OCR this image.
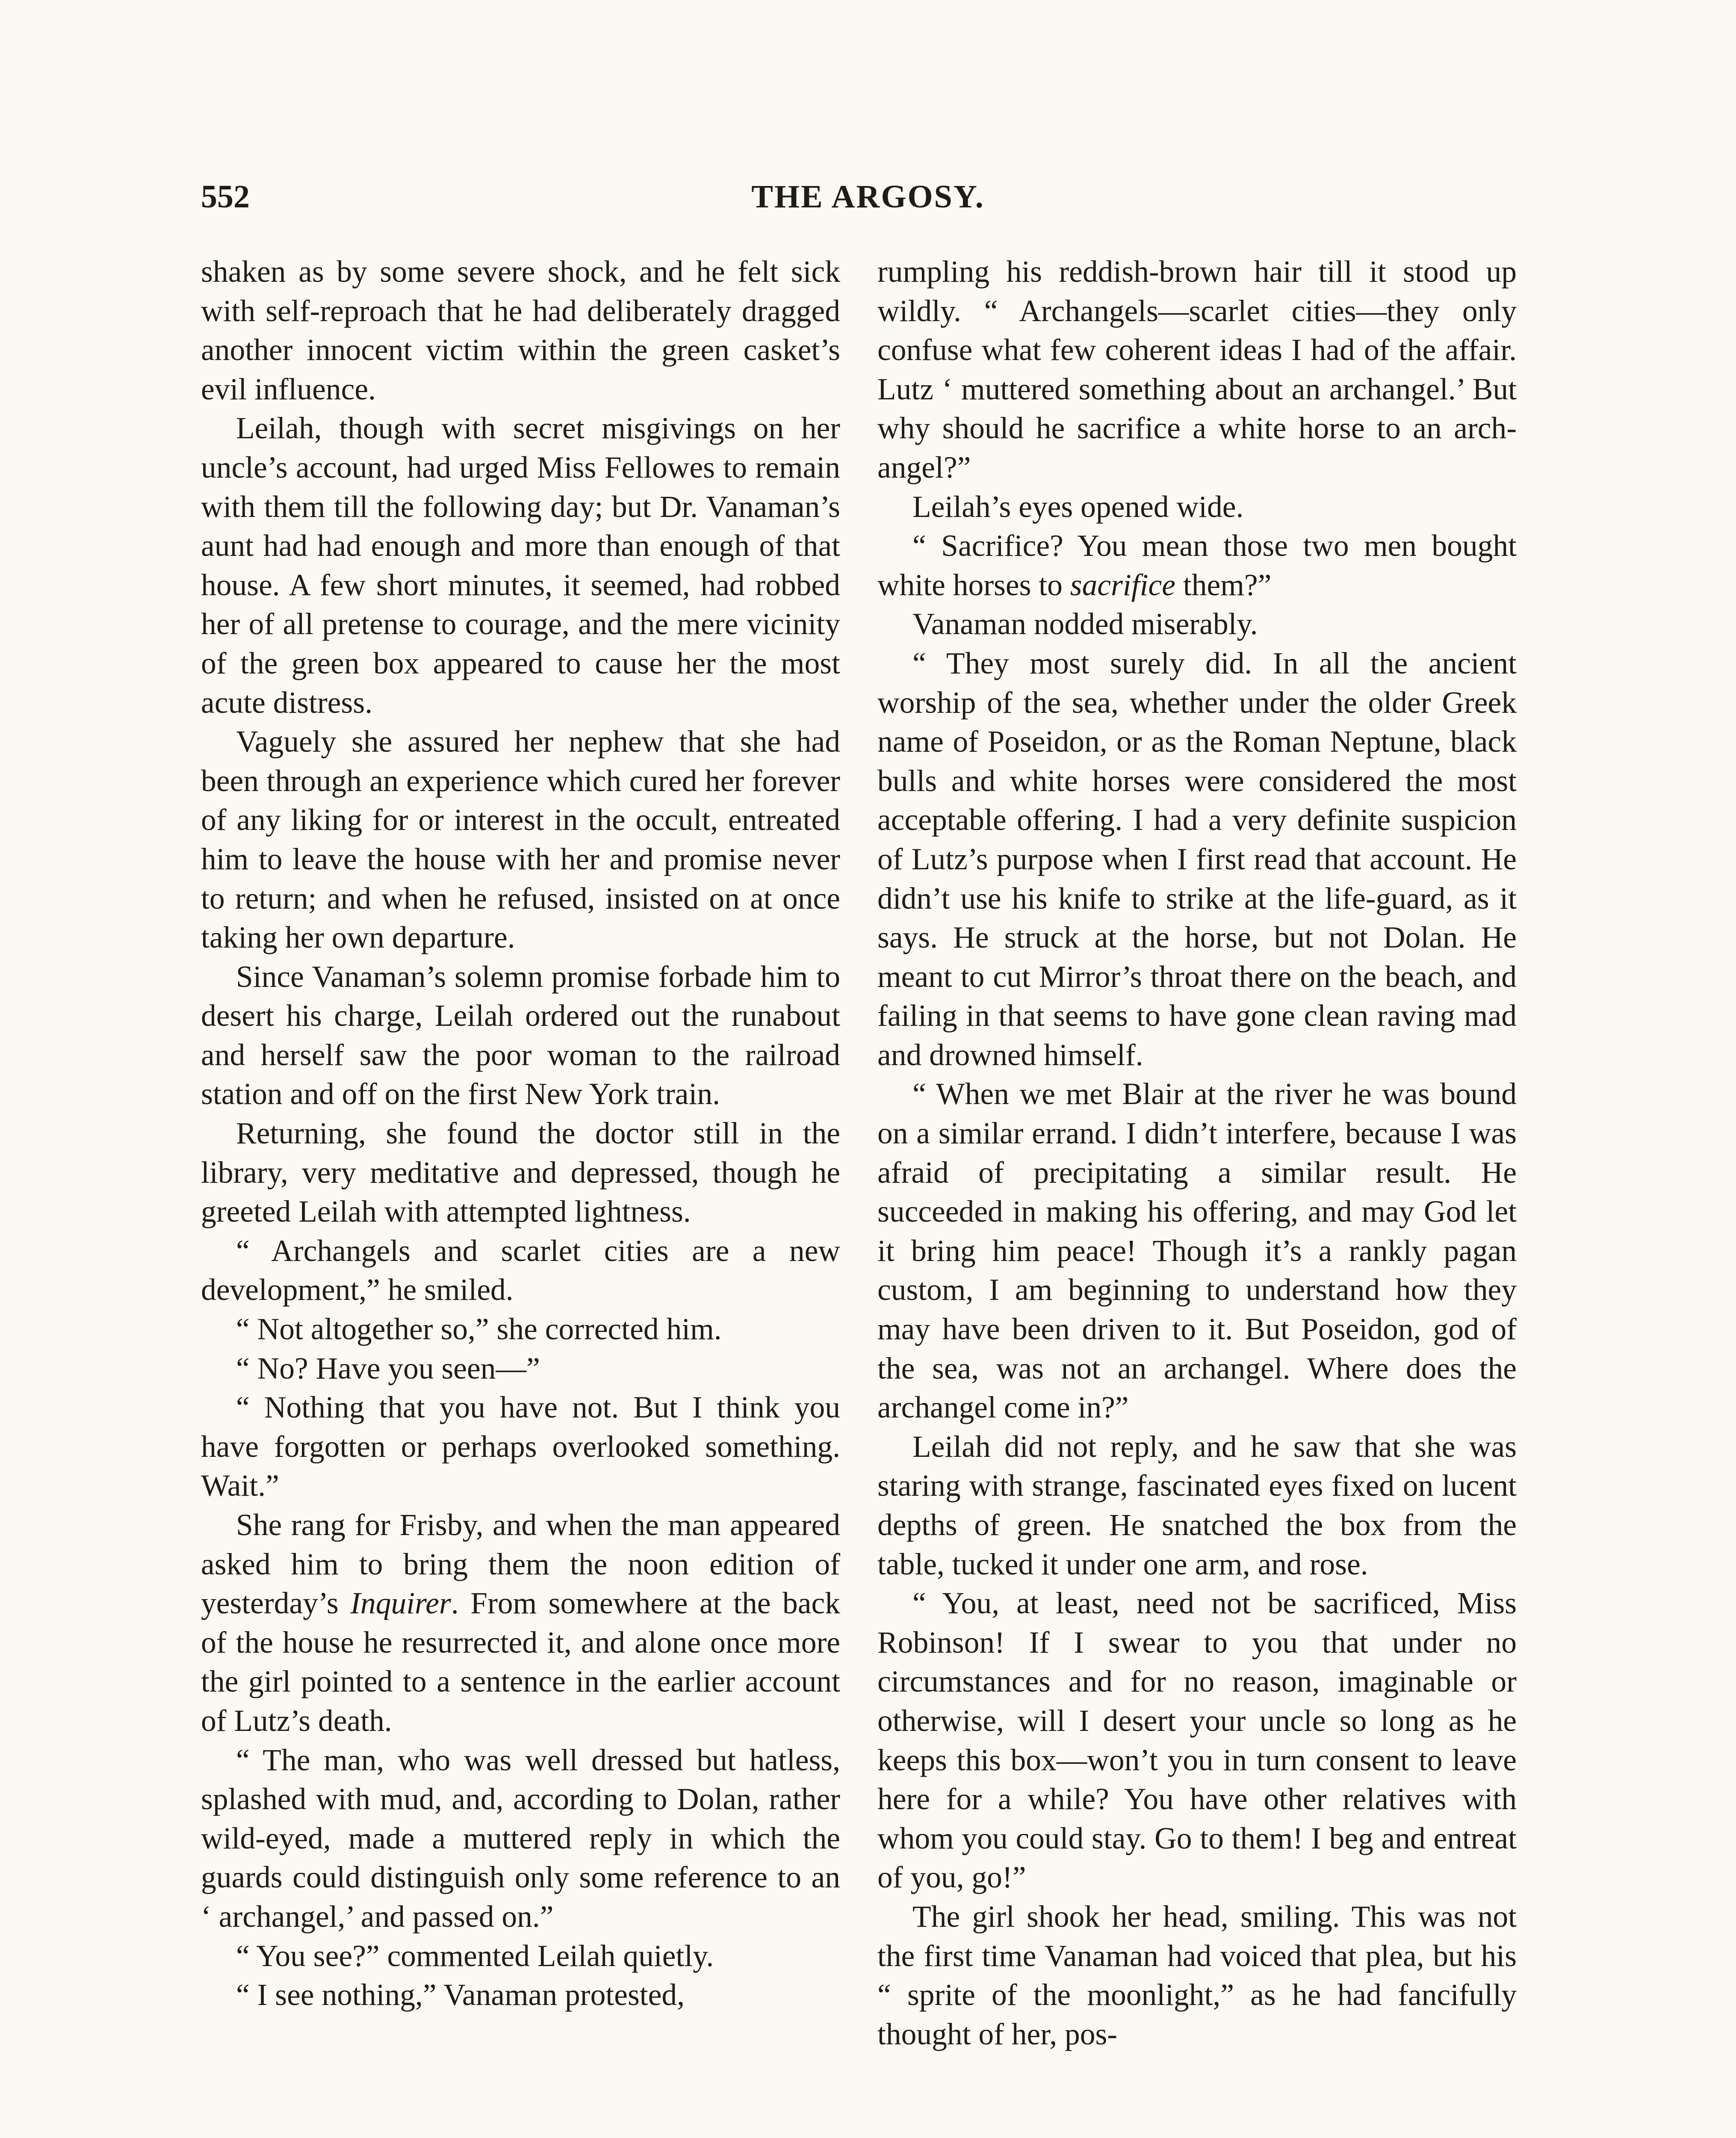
552	THE ARGOSY.

shaken as by some severe shock, and he felt sick with self-reproach that he had deliberately dragged another innocent victim within the green casket’s evil influence.

Leilah, though with secret misgivings on her uncle’s account, had urged Miss Fellowes to remain with them till the following day; but Dr. Vanaman’s aunt had had enough and more than enough of that house. A few short minutes, it seemed, had robbed her of all pretense to courage, and the mere vicinity of the green box appeared to cause her the most acute distress.

Vaguely she assured her nephew that she had been through an experience which cured her forever of any liking for or interest in the occult, entreated him to leave the house with her and promise never to return; and when he refused, insisted on at once taking her own departure.

Since Vanaman’s solemn promise forbade him to desert his charge, Leilah ordered out the runabout and herself saw the poor woman to the railroad station and off on the first New York train.

Returning, she found the doctor still in the library, very meditative and depressed, though he greeted Leilah with attempted lightness.

“ Archangels and scarlet cities are a new development,” he smiled.

“ Not altogether so,” she corrected him.

“ No? Have you seen—”

“ Nothing that you have not. But I think you have forgotten or perhaps overlooked something. Wait.”

She rang for Frisby, and when the man appeared asked him to bring them the noon edition of yesterday’s Inquirer. From somewhere at the back of the house he resurrected it, and alone once more the girl pointed to a sentence in the earlier account of Lutz’s death.

“ The man, who was well dressed but hatless, splashed with mud, and, according to Dolan, rather wild-eyed, made a muttered reply in which the guards could distinguish only some reference to an ‘ archangel,’ and passed on.”

“ You see?” commented Leilah quietly.

“ I see nothing,” Vanaman protested,

rumpling his reddish-brown hair till it stood up wildly. “ Archangels—scarlet cities—they only confuse what few coherent ideas I had of the affair. Lutz ‘ muttered something about an archangel.’ But why should he sacrifice a white horse to an archangel?”

Leilah’s eyes opened wide.

“ Sacrifice? You mean those two men bought white horses to sacrifice them?”

Vanaman nodded miserably.

“ They most surely did. In all the ancient worship of the sea, whether under the older Greek name of Poseidon, or as the Roman Neptune, black bulls and white horses were considered the most acceptable offering. I had a very definite suspicion of Lutz’s purpose when I first read that account. He didn’t use his knife to strike at the life-guard, as it says. He struck at the horse, but not Dolan. He meant to cut Mirror’s throat there on the beach, and failing in that seems to have gone clean raving mad and drowned himself.

“ When we met Blair at the river he was bound on a similar errand. I didn’t interfere, because I was afraid of precipitating a similar result. He succeeded in making his offering, and may God let it bring him peace! Though it’s a rankly pagan custom, I am beginning to understand how they may have been driven to it. But Poseidon, god of the sea, was not an archangel. Where does the archangel come in?”

Leilah did not reply, and he saw that she was staring with strange, fascinated eyes fixed on lucent depths of green. He snatched the box from the table, tucked it under one arm, and rose.

“ You, at least, need not be sacrificed, Miss Robinson! If I swear to you that under no circumstances and for no reason, imaginable or otherwise, will I desert your uncle so long as he keeps this box—won’t you in turn consent to leave here for a while? You have other relatives with whom you could stay. Go to them! I beg and entreat of you, go!”

The girl shook her head, smiling. This was not the first time Vanaman had voiced that plea, but his “ sprite of the moonlight,” as he had fancifully thought of her, pos-
